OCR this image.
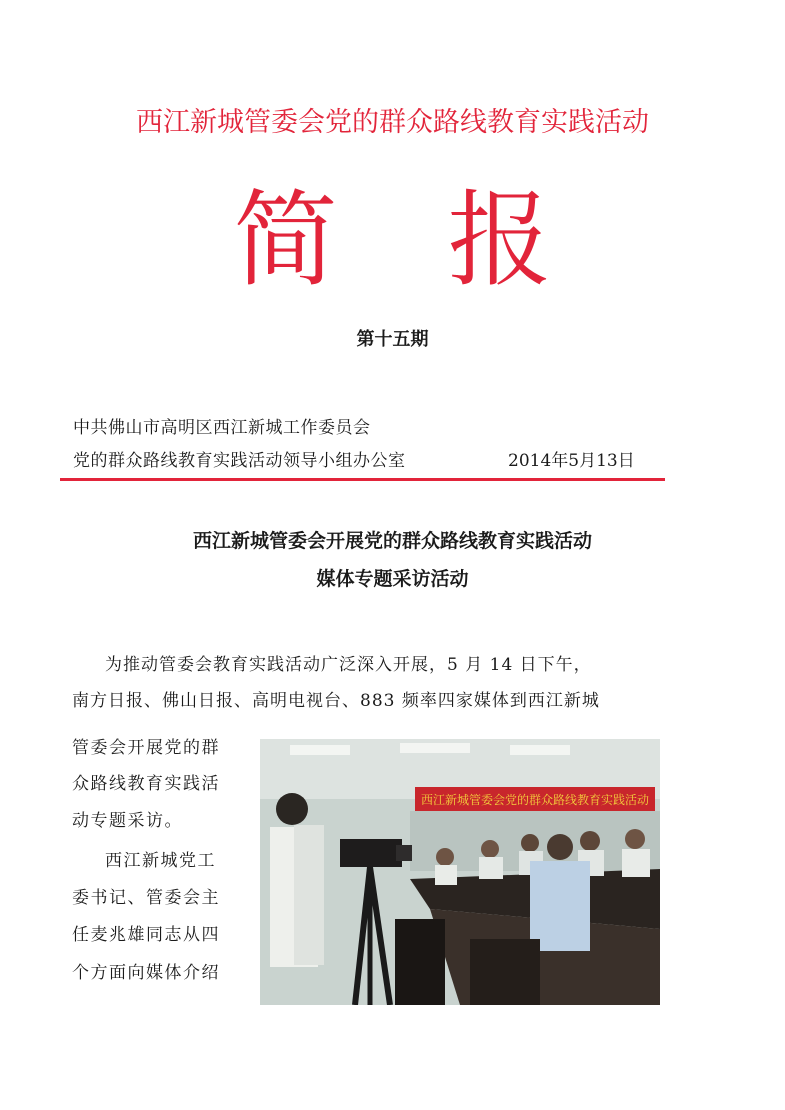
西江新城管委会党的群众路线教育实践活动
简 报
第十五期
中共佛山市高明区西江新城工作委员会
党的群众路线教育实践活动领导小组办公室	2014年5月13日
西江新城管委会开展党的群众路线教育实践活动
媒体专题采访活动
为推动管委会教育实践活动广泛深入开展，5 月 14 日下午，
南方日报、佛山日报、高明电视台、883 频率四家媒体到西江新城
管委会开展党的群
众路线教育实践活
动专题采访。
西江新城党工
委书记、管委会主
任麦兆雄同志从四
个方面向媒体介绍
西江新城管委会党的群众路线教育实践活动
